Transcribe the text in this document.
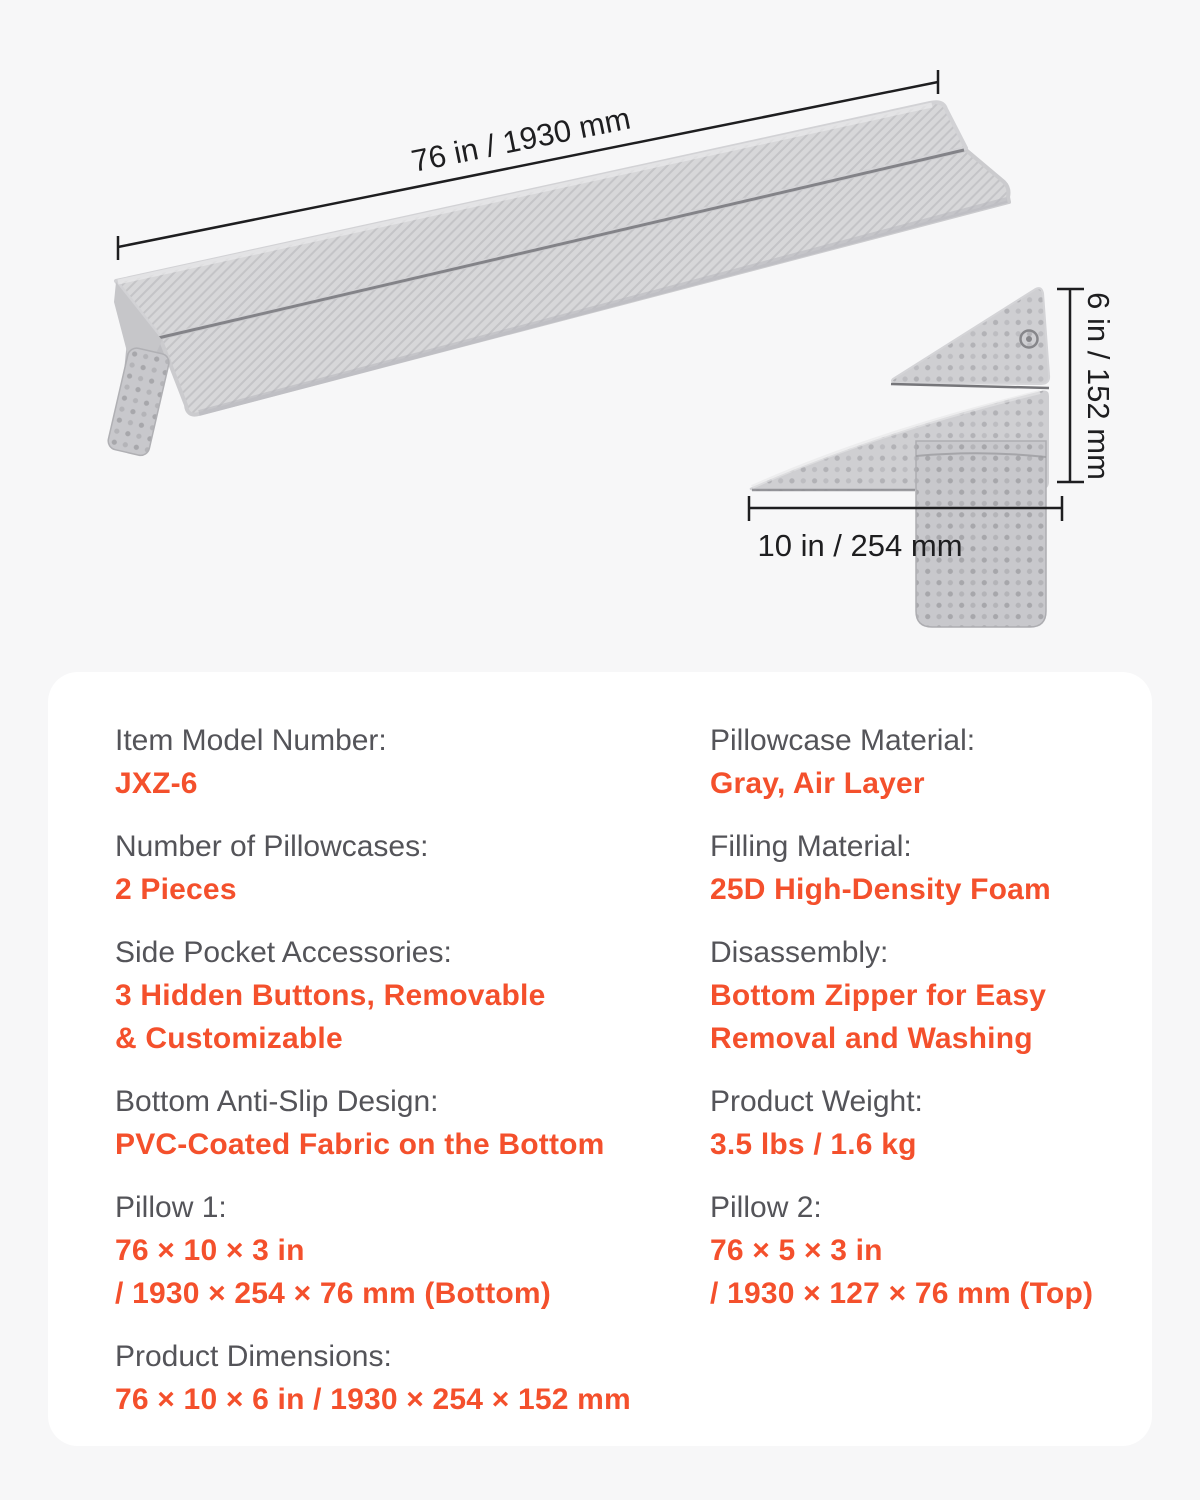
76 in / 1930 mm
6 in / 152 mm
10 in / 254 mm
Item Model Number:
JXZ-6
Number of Pillowcases:
2 Pieces
Side Pocket Accessories:
3 Hidden Buttons, Removable
& Customizable
Bottom Anti-Slip Design:
PVC-Coated Fabric on the Bottom
Pillow 1:
76 × 10 × 3 in
/ 1930 × 254 × 76 mm (Bottom)
Product Dimensions:
76 × 10 × 6 in / 1930 × 254 × 152 mm
Pillowcase Material:
Gray, Air Layer
Filling Material:
25D High-Density Foam
Disassembly:
Bottom Zipper for Easy
Removal and Washing
Product Weight:
3.5 lbs / 1.6 kg
Pillow 2:
76 × 5 × 3 in
/ 1930 × 127 × 76 mm (Top)
